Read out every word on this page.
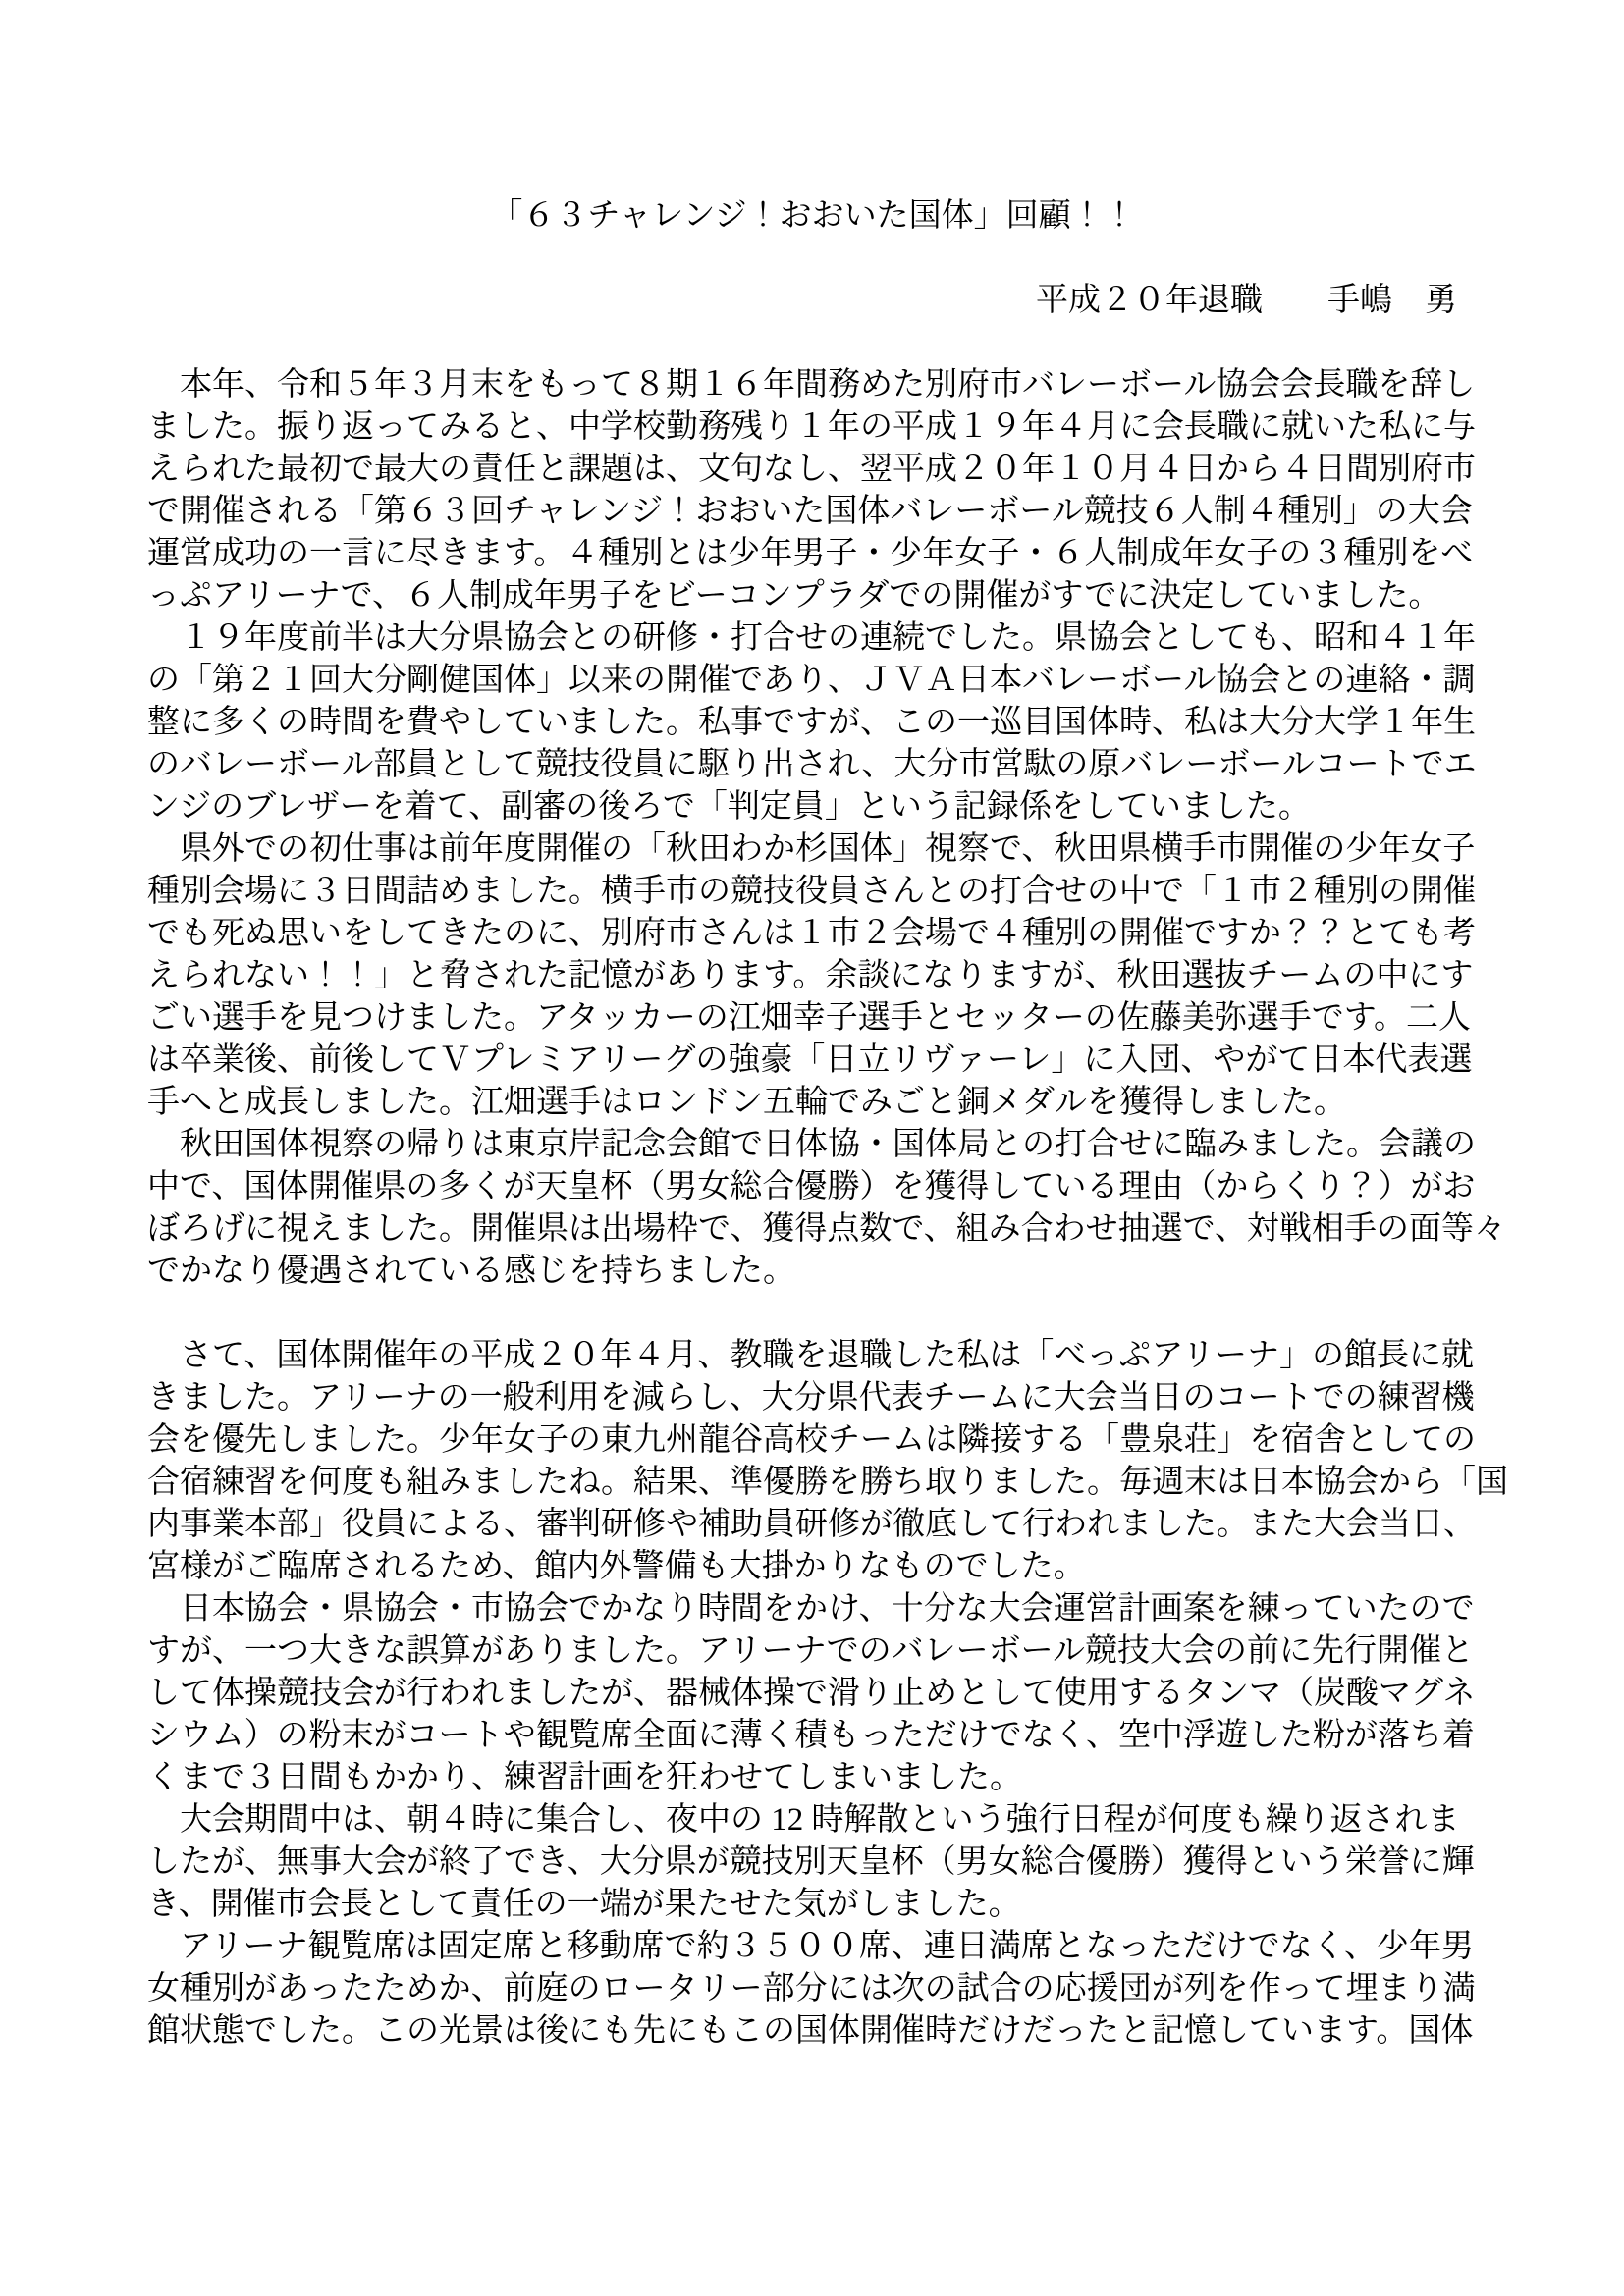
「６３チャレンジ！おおいた国体」回顧！！
平成２０年退職　　手嶋　勇
　本年、令和５年３月末をもって８期１６年間務めた別府市バレーボール協会会長職を辞し
ました。振り返ってみると、中学校勤務残り１年の平成１９年４月に会長職に就いた私に与
えられた最初で最大の責任と課題は、文句なし、翌平成２０年１０月４日から４日間別府市
で開催される「第６３回チャレンジ！おおいた国体バレーボール競技６人制４種別」の大会
運営成功の一言に尽きます。４種別とは少年男子・少年女子・６人制成年女子の３種別をべ
っぷアリーナで、６人制成年男子をビーコンプラダでの開催がすでに決定していました。
　１９年度前半は大分県協会との研修・打合せの連続でした。県協会としても、昭和４１年
の「第２１回大分剛健国体」以来の開催であり、ＪＶＡ日本バレーボール協会との連絡・調
整に多くの時間を費やしていました。私事ですが、この一巡目国体時、私は大分大学１年生
のバレーボール部員として競技役員に駆り出され、大分市営駄の原バレーボールコートでエ
ンジのブレザーを着て、副審の後ろで「判定員」という記録係をしていました。
　県外での初仕事は前年度開催の「秋田わか杉国体」視察で、秋田県横手市開催の少年女子
種別会場に３日間詰めました。横手市の競技役員さんとの打合せの中で「１市２種別の開催
でも死ぬ思いをしてきたのに、別府市さんは１市２会場で４種別の開催ですか？？とても考
えられない！！」と脅された記憶があります。余談になりますが、秋田選抜チームの中にす
ごい選手を見つけました。アタッカーの江畑幸子選手とセッターの佐藤美弥選手です。二人
は卒業後、前後してＶプレミアリーグの強豪「日立リヴァーレ」に入団、やがて日本代表選
手へと成長しました。江畑選手はロンドン五輪でみごと銅メダルを獲得しました。
　秋田国体視察の帰りは東京岸記念会館で日体協・国体局との打合せに臨みました。会議の
中で、国体開催県の多くが天皇杯（男女総合優勝）を獲得している理由（からくり？）がお
ぼろげに視えました。開催県は出場枠で、獲得点数で、組み合わせ抽選で、対戦相手の面等々
でかなり優遇されている感じを持ちました。
　さて、国体開催年の平成２０年４月、教職を退職した私は「べっぷアリーナ」の館長に就
きました。アリーナの一般利用を減らし、大分県代表チームに大会当日のコートでの練習機
会を優先しました。少年女子の東九州龍谷高校チームは隣接する「豊泉荘」を宿舎としての
合宿練習を何度も組みましたね。結果、準優勝を勝ち取りました。毎週末は日本協会から「国
内事業本部」役員による、審判研修や補助員研修が徹底して行われました。また大会当日、
宮様がご臨席されるため、館内外警備も大掛かりなものでした。
　日本協会・県協会・市協会でかなり時間をかけ、十分な大会運営計画案を練っていたので
すが、一つ大きな誤算がありました。アリーナでのバレーボール競技大会の前に先行開催と
して体操競技会が行われましたが、器械体操で滑り止めとして使用するタンマ（炭酸マグネ
シウム）の粉末がコートや観覧席全面に薄く積もっただけでなく、空中浮遊した粉が落ち着
くまで３日間もかかり、練習計画を狂わせてしまいました。
　大会期間中は、朝４時に集合し、夜中の 12 時解散という強行日程が何度も繰り返されま
したが、無事大会が終了でき、大分県が競技別天皇杯（男女総合優勝）獲得という栄誉に輝
き、開催市会長として責任の一端が果たせた気がしました。
　アリーナ観覧席は固定席と移動席で約３５００席、連日満席となっただけでなく、少年男
女種別があったためか、前庭のロータリー部分には次の試合の応援団が列を作って埋まり満
館状態でした。この光景は後にも先にもこの国体開催時だけだったと記憶しています。国体
